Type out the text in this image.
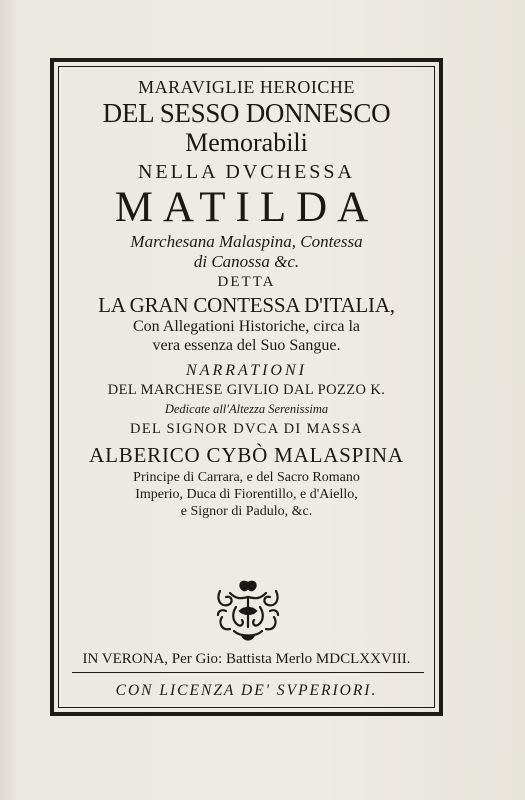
MARAVIGLIE HEROICHE
DEL SESSO DONNESCO
Memorabili
NELLA DVCHESSA
MATILDA
Marchesana Malaspina, Contessa
di Canossa &c.
DETTA
LA GRAN CONTESSA D'ITALIA,
Con Allegationi Historiche, circa la
vera essenza del Suo Sangue.
NARRATIONI
DEL MARCHESE GIVLIO DAL POZZO K.
Dedicate all'Altezza Serenissima
DEL SIGNOR DVCA DI MASSA
ALBERICO CYBÒ MALASPINA
Principe di Carrara, e del Sacro Romano
Imperio, Duca di Fiorentillo, e d'Aiello,
e Signor di Padulo, &c.
IN VERONA, Per Gio: Battista Merlo MDCLXXVIII.
CON LICENZA DE' SVPERIORI.
